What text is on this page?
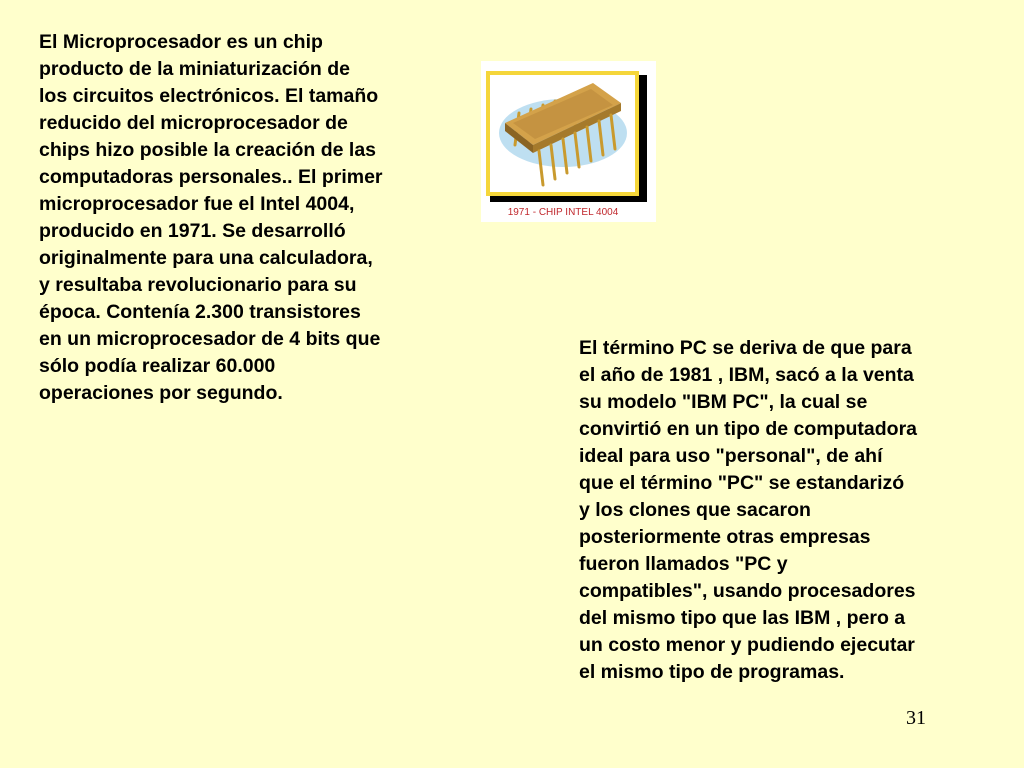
El Microprocesador es un chip
producto de la miniaturización de
los circuitos electrónicos. El tamaño
reducido del microprocesador de
chips hizo posible la creación de las
computadoras personales.. El primer
microprocesador fue el Intel 4004,
producido en 1971. Se desarrolló
originalmente para una calculadora,
y resultaba revolucionario para su
época. Contenía 2.300 transistores
en un microprocesador de 4 bits que
sólo podía realizar 60.000
operaciones por segundo.
1971 - CHIP INTEL 4004
El término PC se deriva de que para
el año de 1981 , IBM, sacó a la venta
su modelo "IBM PC", la cual se
convirtió en un tipo de computadora
ideal para uso "personal", de ahí
que el término "PC" se estandarizó
y los clones que sacaron
posteriormente otras empresas
fueron llamados "PC y
compatibles", usando procesadores
del mismo tipo que las IBM , pero a
un costo menor y pudiendo ejecutar
el mismo tipo de programas.
31
